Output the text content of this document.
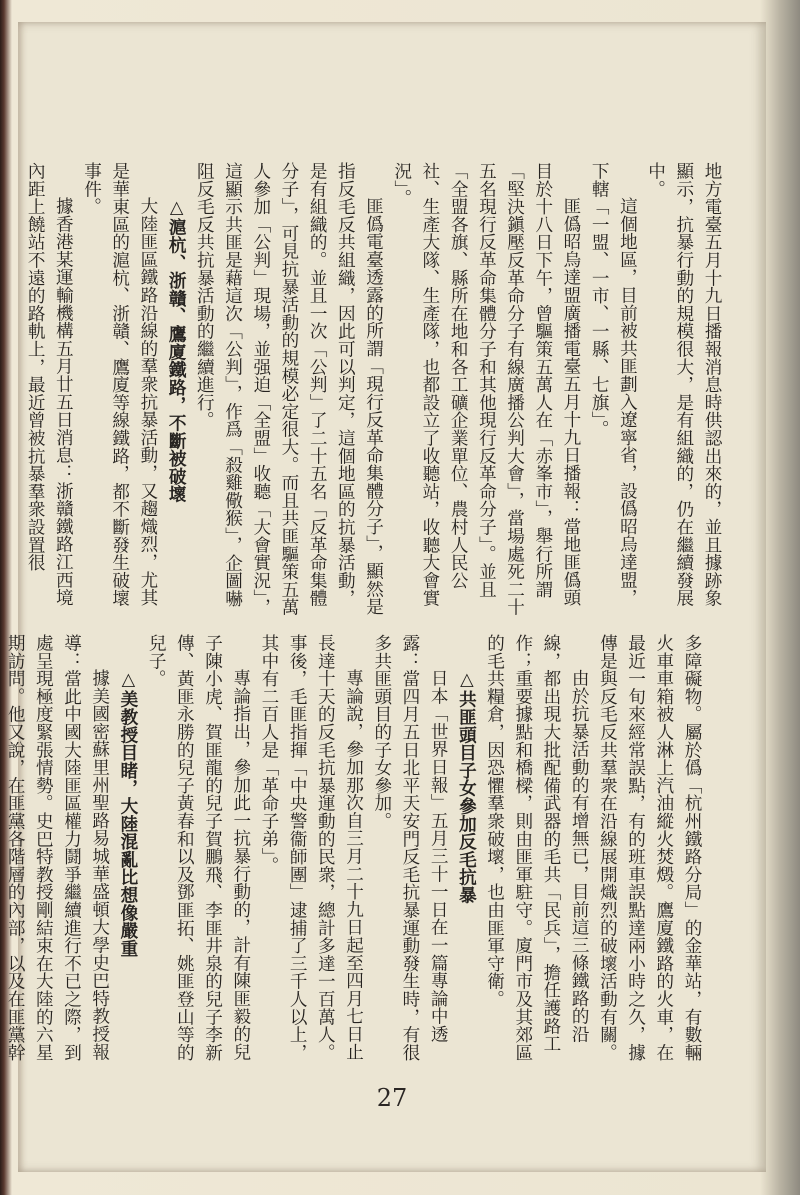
地方電臺五月十九日播報消息時供認出來的，並且據跡象顯示，抗暴行動的規模很大，是有組織的，仍在繼續發展中。

這個地區，目前被共匪劃入遼寧省，設僞昭烏達盟，下轄「一盟、一市、一縣、七旗」。

匪僞昭烏達盟廣播電臺五月十九日播報：當地匪僞頭目於十八日下午，曾驅策五萬人在「赤峯市」，舉行所謂「堅決鎭壓反革命分子有線廣播公判大會」，當場處死二十五名現行反革命集體分子和其他現行反革命分子」。並且「全盟各旗、縣所在地和各工礦企業單位、農村人民公社、生產大隊、生產隊，也都設立了收聽站，收聽大會實況」。

匪僞電臺透露的所謂「現行反革命集體分子」，顯然是指反毛反共組織，因此可以判定，這個地區的抗暴活動，是有組織的。並且一次「公判」了二十五名「反革命集體分子」，可見抗暴活動的規模必定很大。而且共匪驅策五萬人參加「公判」現場，並强迫「全盟」收聽「大會實況」，這顯示共匪是藉這次「公判」，作爲「殺雞儆猴」，企圖嚇阻反毛反共抗暴活動的繼續進行。

△滬杭、浙贛、鷹廈鐵路，不斷被破壞

大陸匪區鐵路沿線的羣衆抗暴活動，又趨熾烈，尤其是華東區的滬杭、浙贛、鷹廈等線鐵路，都不斷發生破壞事件。

據香港某運輸機構五月廿五日消息：浙贛鐵路江西境內距上饒站不遠的路軌上，最近曾被抗暴羣衆設置很

多障礙物。屬於僞「杭州鐵路分局」的金華站，有數輛火車車箱被人淋上汽油縱火焚燬。鷹廈鐵路的火車，在最近一旬來經常誤點，有的班車誤點達兩小時之久，據傳是與反毛反共羣衆在沿線展開熾烈的破壞活動有關。

由於抗暴活動的有增無已，目前這三條鐵路的沿線，都出現大批配備武器的毛共「民兵」，擔任護路工作；重要據點和橋樑，則由匪軍駐守。廈門市及其郊區的毛共糧倉，因恐懼羣衆破壞，也由匪軍守衛。

△共匪頭目子女參加反毛抗暴

日本「世界日報」五月三十一日在一篇專論中透露：當四月五日北平天安門反毛抗暴運動發生時，有很多共匪頭目的子女參加。

專論說，參加那次自三月二十九日起至四月七日止長達十天的反毛抗暴運動的民衆，總計多達一百萬人。事後，毛匪指揮「中央警衞師團」逮捕了三千人以上，其中有二百人是「革命子弟」。

專論指出，參加此一抗暴行動的，計有陳匪毅的兒子陳小虎、賀匪龍的兒子賀鵬飛、李匪井泉的兒子李新傳、黃匪永勝的兒子黃春和以及鄧匪拓、姚匪登山等的兒子。

△美教授目睹，大陸混亂比想像嚴重

據美國密蘇里州聖路易城華盛頓大學史巴特教授報導：當此中國大陸匪區權力鬪爭繼續進行不已之際，到處呈現極度緊張情勢。史巴特教授剛結束在大陸的六星期訪問。他又說，在匪黨各階層的內部，以及在匪黨幹

27
